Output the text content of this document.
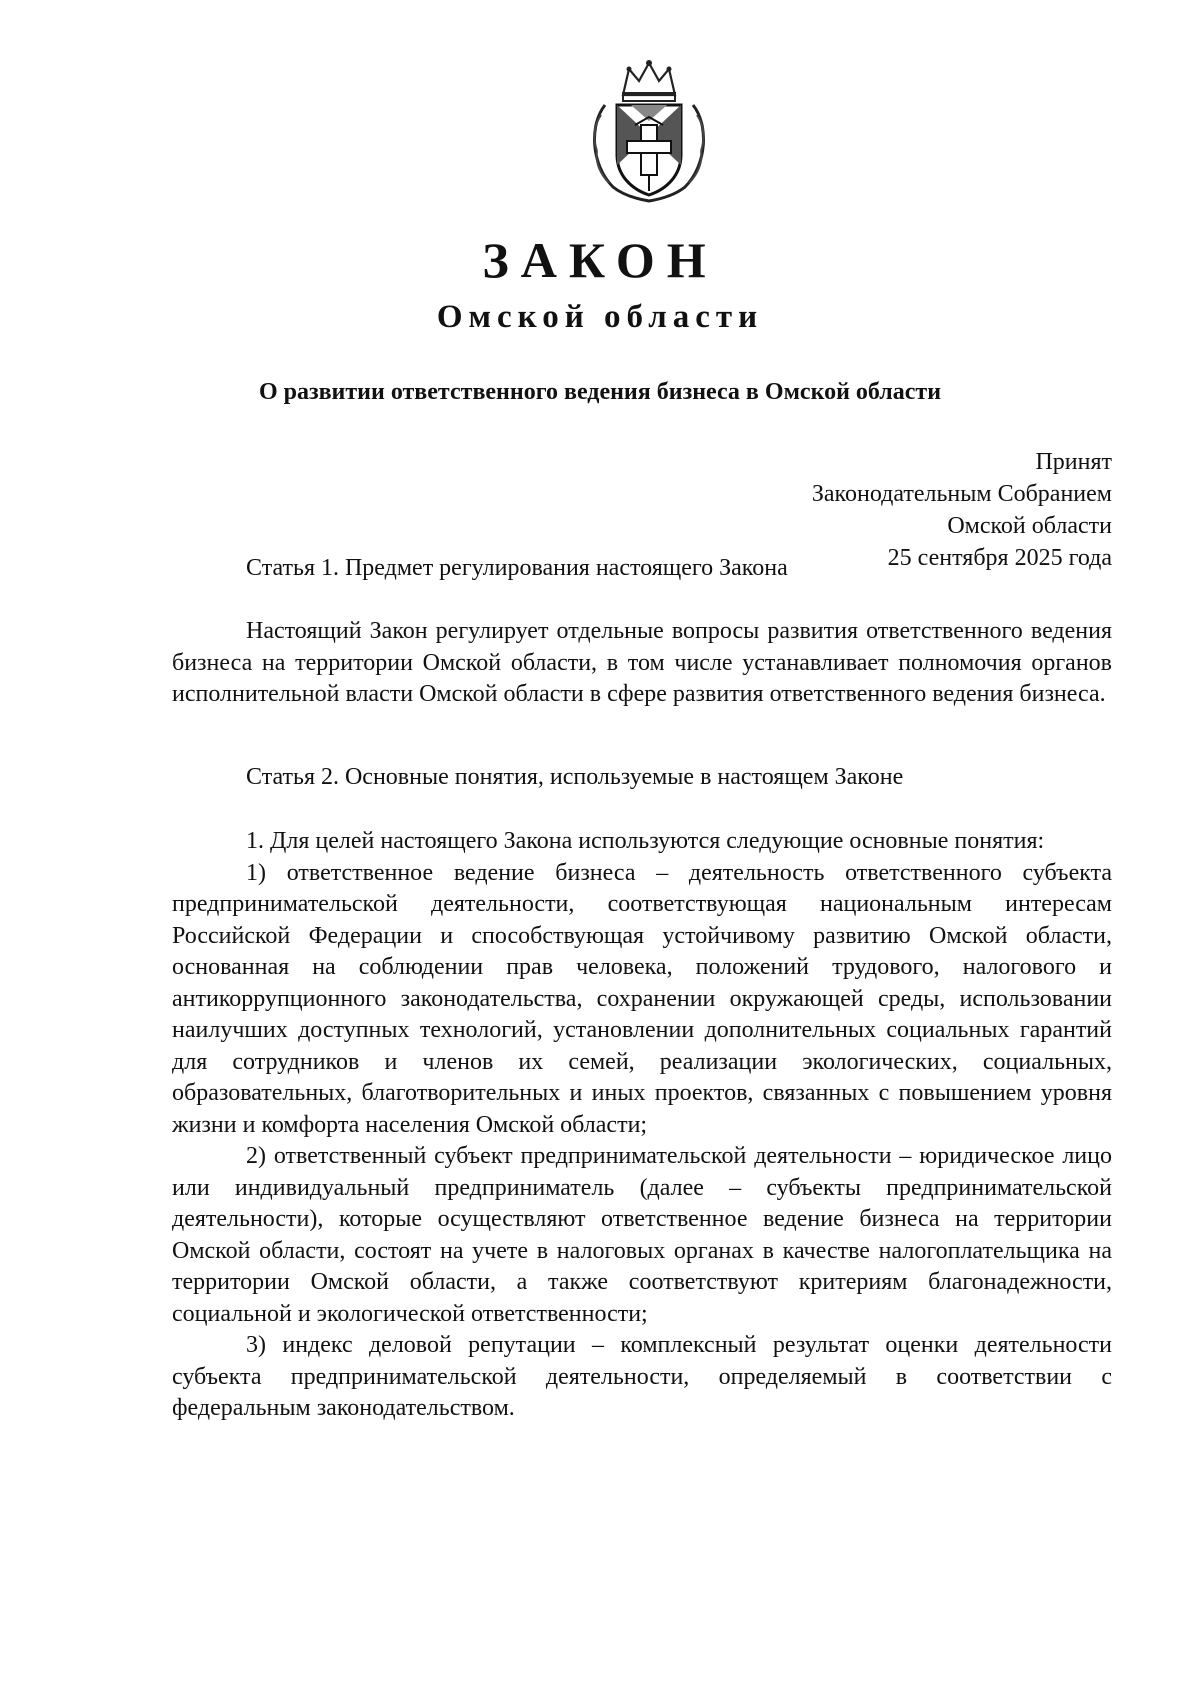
ЗАКОН
Омской области
О развитии ответственного ведения бизнеса в Омской области
Принят
Законодательным Собранием
Омской области
25 сентября 2025 года
Статья 1. Предмет регулирования настоящего Закона

Настоящий Закон регулирует отдельные вопросы развития ответственного ведения бизнеса на территории Омской области, в том числе устанавливает полномочия органов исполнительной власти Омской области в сфере развития ответственного ведения бизнеса.

Статья 2. Основные понятия, используемые в настоящем Законе

1. Для целей настоящего Закона используются следующие основные понятия:

1) ответственное ведение бизнеса – деятельность ответственного субъекта предпринимательской деятельности, соответствующая национальным интересам Российской Федерации и способствующая устойчивому развитию Омской области, основанная на соблюдении прав человека, положений трудового, налогового и антикоррупционного законодательства, сохранении окружающей среды, использовании наилучших доступных технологий, установлении дополнительных социальных гарантий для сотрудников и членов их семей, реализации экологических, социальных, образовательных, благотворительных и иных проектов, связанных с повышением уровня жизни и комфорта населения Омской области;

2) ответственный субъект предпринимательской деятельности – юридическое лицо или индивидуальный предприниматель (далее – субъекты предпринимательской деятельности), которые осуществляют ответственное ведение бизнеса на территории Омской области, состоят на учете в налоговых органах в качестве налогоплательщика на территории Омской области, а также соответствуют критериям благонадежности, социальной и экологической ответственности;

3) индекс деловой репутации – комплексный результат оценки деятельности субъекта предпринимательской деятельности, определяемый в соответствии с федеральным законодательством.
